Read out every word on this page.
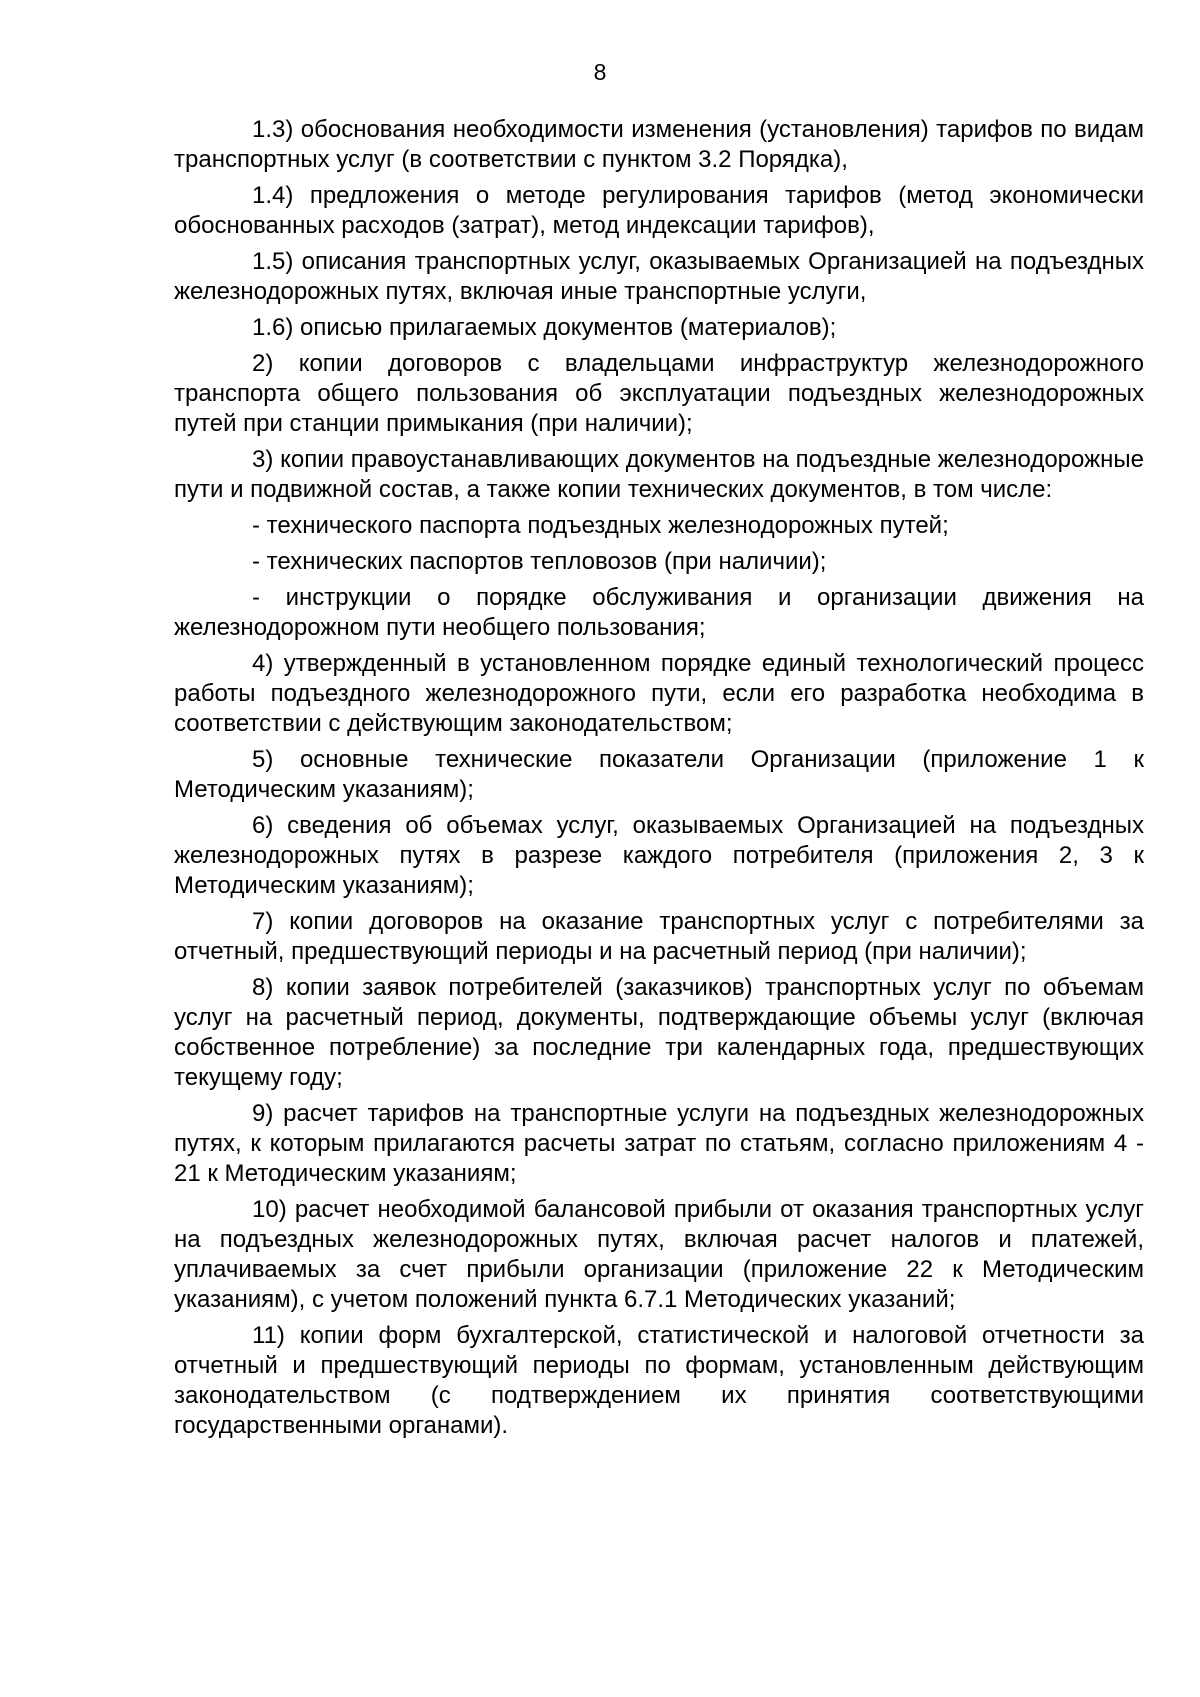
8

1.3) обоснования необходимости изменения (установления) тарифов по видам транспортных услуг (в соответствии с пунктом 3.2 Порядка),

1.4) предложения о методе регулирования тарифов (метод экономически обоснованных расходов (затрат), метод индексации тарифов),

1.5) описания транспортных услуг, оказываемых Организацией на подъездных железнодорожных путях, включая иные транспортные услуги,

1.6) описью прилагаемых документов (материалов);

2) копии договоров с владельцами инфраструктур железнодорожного транспорта общего пользования об эксплуатации подъездных железнодорожных путей при станции примыкания (при наличии);

3) копии правоустанавливающих документов на подъездные железнодорожные пути и подвижной состав, а также копии технических документов, в том числе:

- технического паспорта подъездных железнодорожных путей;

- технических паспортов тепловозов (при наличии);

- инструкции о порядке обслуживания и организации движения на железнодорожном пути необщего пользования;

4) утвержденный в установленном порядке единый технологический процесс работы подъездного железнодорожного пути, если его разработка необходима в соответствии с действующим законодательством;

5) основные технические показатели Организации (приложение 1 к Методическим указаниям);

6) сведения об объемах услуг, оказываемых Организацией на подъездных железнодорожных путях в разрезе каждого потребителя (приложения 2, 3 к Методическим указаниям);

7) копии договоров на оказание транспортных услуг с потребителями за отчетный, предшествующий периоды и на расчетный период (при наличии);

8) копии заявок потребителей (заказчиков) транспортных услуг по объемам услуг на расчетный период, документы, подтверждающие объемы услуг (включая собственное потребление) за последние три календарных года, предшествующих текущему году;

9) расчет тарифов на транспортные услуги на подъездных железнодорожных путях, к которым прилагаются расчеты затрат по статьям, согласно приложениям 4 - 21 к Методическим указаниям;

10) расчет необходимой балансовой прибыли от оказания транспортных услуг на подъездных железнодорожных путях, включая расчет налогов и платежей, уплачиваемых за счет прибыли организации (приложение 22 к Методическим указаниям), с учетом положений пункта 6.7.1 Методических указаний;

11) копии форм бухгалтерской, статистической и налоговой отчетности за отчетный и предшествующий периоды по формам, установленным действующим законодательством (с подтверждением их принятия соответствующими государственными органами).
